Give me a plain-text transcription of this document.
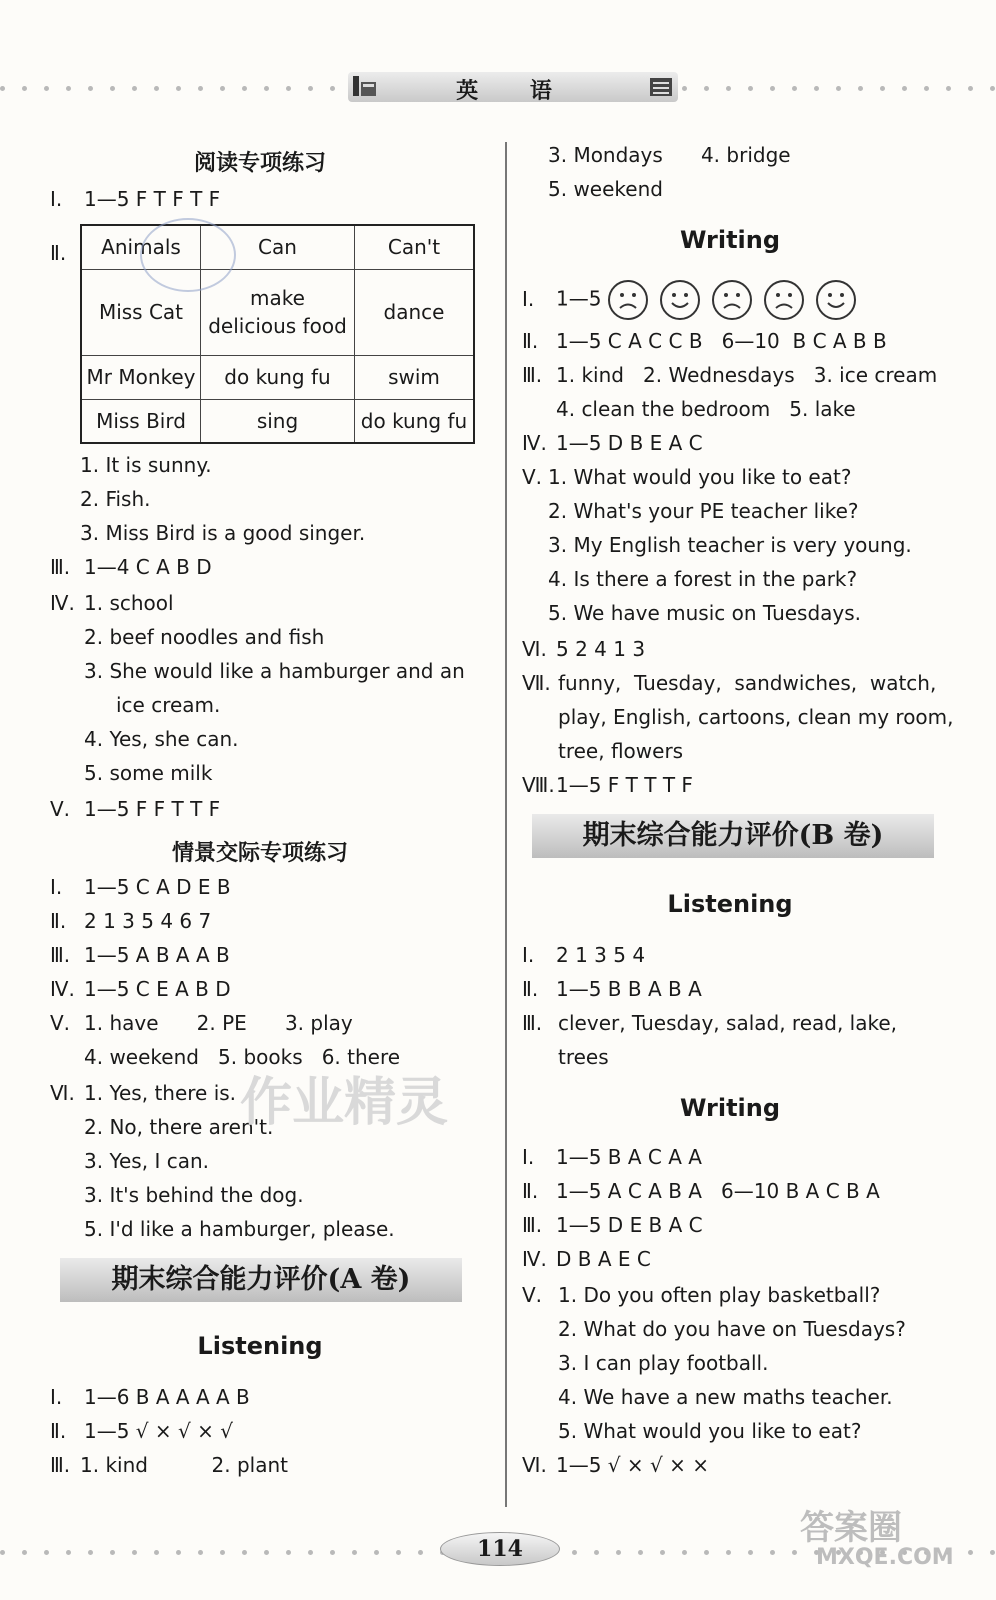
英 语
阅读专项练习
Ⅰ. 1—5 F T F T F
Ⅱ. Animals	Can	Can't
Miss Cat	make delicious food	dance
Mr Monkey	do kung fu	swim
Miss Bird	sing	do kung fu
1. It is sunny.
2. Fish.
3. Miss Bird is a good singer.
Ⅲ. 1—4 C A B D
Ⅳ. 1. school
2. beef noodles and fish
3. She would like a hamburger and an
ice cream.
4. Yes, she can.
5. some milk
Ⅴ. 1—5 F F T T F
情景交际专项练习
Ⅰ. 1—5 C A D E B
Ⅱ. 2 1 3 5 4 6 7
Ⅲ. 1—5 A B A A B
Ⅳ. 1—5 C E A B D
Ⅴ. 1. have      2. PE      3. play
4. weekend   5. books   6. there
Ⅵ. 1. Yes, there is.
2. No, there aren't.
3. Yes, I can.
3. It's behind the dog.
5. I'd like a hamburger, please.
作业精灵
期末综合能力评价(A 卷)
Listening
Ⅰ. 1—6 B A A A A B
Ⅱ. 1—5 √ × √ × √
Ⅲ. 1. kind          2. plant
3. Mondays      4. bridge
5. weekend
Writing
Ⅰ. 1—5
Ⅱ. 1—5 C A C C B   6—10  B C A B B
Ⅲ. 1. kind   2. Wednesdays   3. ice cream
4. clean the bedroom   5. lake
Ⅳ. 1—5 D B E A C
Ⅴ. 1. What would you like to eat?
2. What's your PE teacher like?
3. My English teacher is very young.
4. Is there a forest in the park?
5. We have music on Tuesdays.
Ⅵ. 5 2 4 1 3
Ⅶ. funny,  Tuesday,  sandwiches,  watch,
play, English, cartoons, clean my room,
tree, flowers
Ⅷ. 1—5 F T T T F
期末综合能力评价(B 卷)
Listening
Ⅰ. 2 1 3 5 4
Ⅱ. 1—5 B B A B A
Ⅲ. clever, Tuesday, salad, read, lake,
trees
Writing
Ⅰ. 1—5 B A C A A
Ⅱ. 1—5 A C A B A   6—10 B A C B A
Ⅲ. 1—5 D E B A C
Ⅳ. D B A E C
Ⅴ. 1. Do you often play basketball?
2. What do you have on Tuesdays?
3. I can play football.
4. We have a new maths teacher.
5. What would you like to eat?
Ⅵ. 1—5 √ × √ × ×
114
答案圈
MXQE.COM
